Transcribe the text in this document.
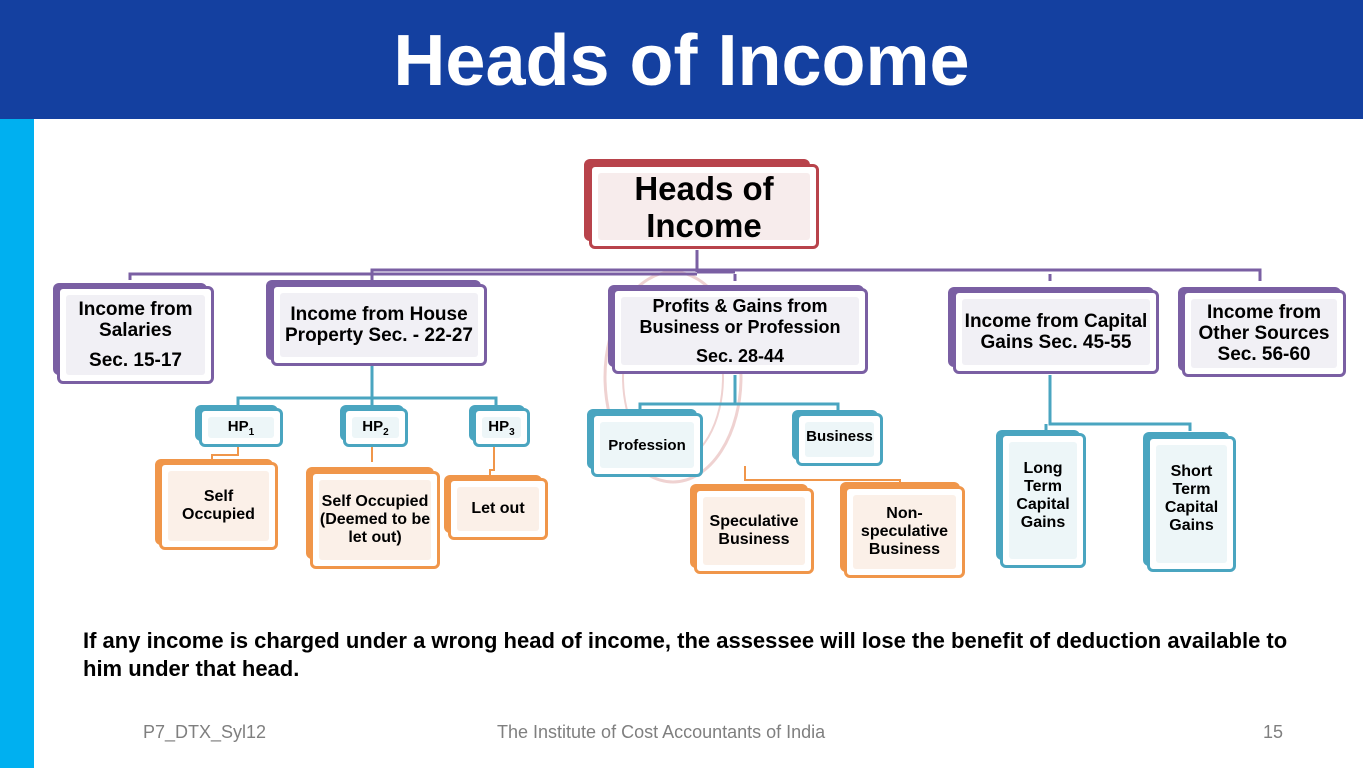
Heads of Income
Heads of Income
Income from Salaries
Sec. 15-17
Income from House Property Sec. - 22-27
Profits & Gains from Business or Profession
Sec. 28-44
Income from Capital Gains Sec. 45-55
Income from Other Sources Sec. 56-60
$HP_1$	$HP_2$	$HP_3$
Self Occupied
Self Occupied (Deemed to be let out)
Let out
Profession	Business
Speculative Business
Non-speculative Business
Long Term Capital Gains
Short Term Capital Gains
If any income is charged under a wrong head of income, the assessee will lose the benefit of deduction available to him under that head.
P7_DTX_Syl12	The Institute of Cost Accountants of India	15
